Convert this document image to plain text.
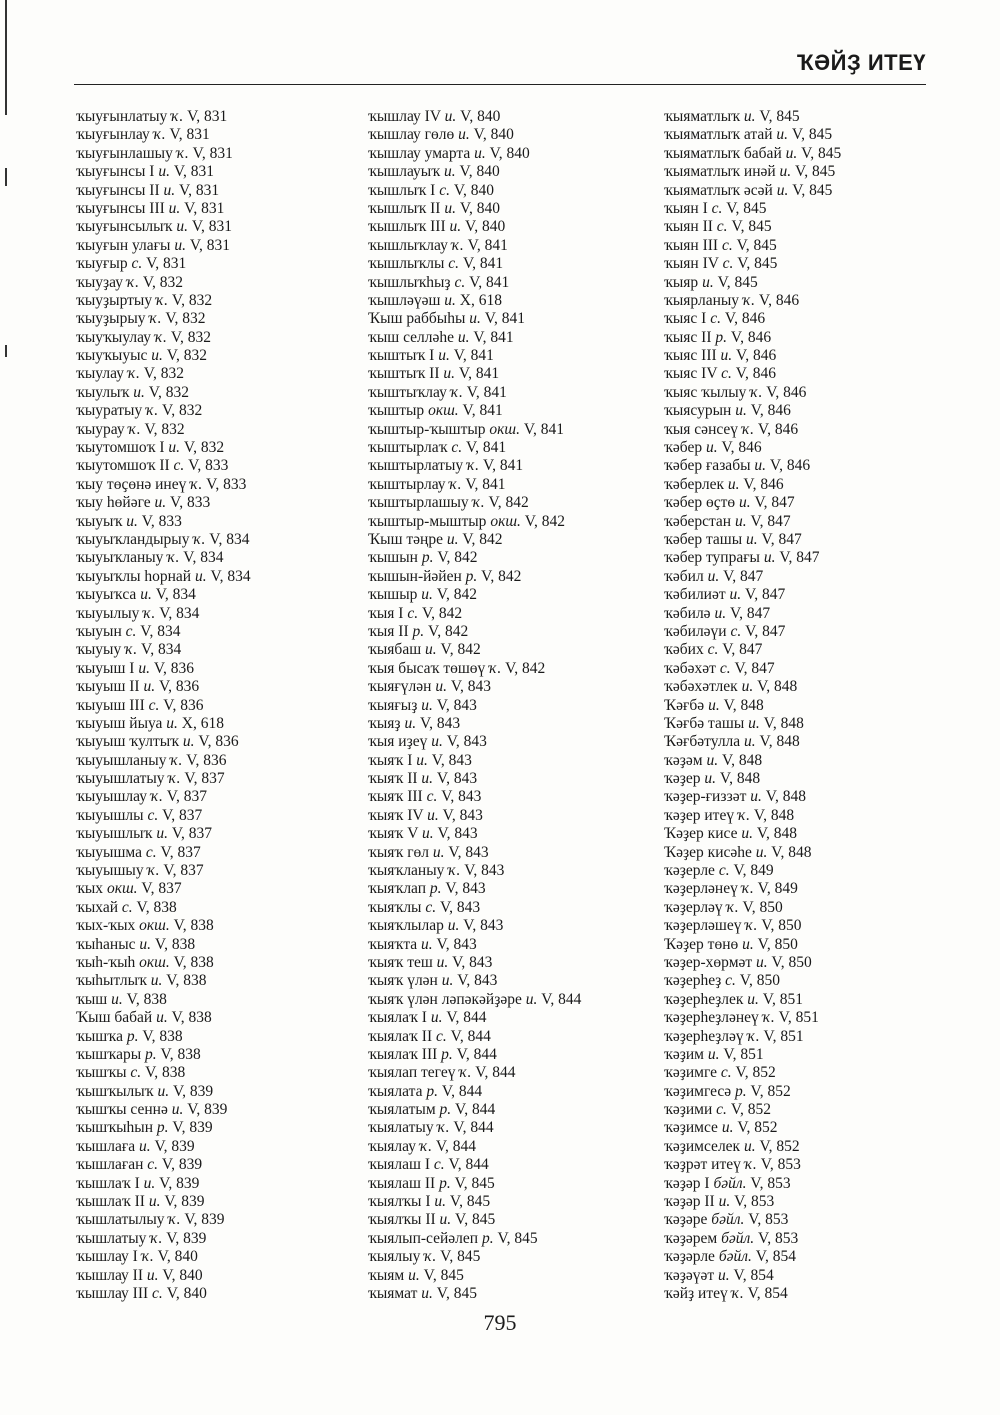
ҠӘЙҘ ИТЕҮ
ҡыуғынлатыу ҡ. V, 831
ҡыуғынлау ҡ. V, 831
ҡыуғынлашыу ҡ. V, 831
ҡыуғынсы I и. V, 831
ҡыуғынсы II и. V, 831
ҡыуғынсы III и. V, 831
ҡыуғынсылыҡ и. V, 831
ҡыуғын улағы и. V, 831
ҡыуғыр с. V, 831
ҡыуҙау ҡ. V, 832
ҡыуҙыртыу ҡ. V, 832
ҡыуҙырыу ҡ. V, 832
ҡыуҡыулау ҡ. V, 832
ҡыуҡыуыс и. V, 832
ҡыулау ҡ. V, 832
ҡыулыҡ и. V, 832
ҡыуратыу ҡ. V, 832
ҡыурау ҡ. V, 832
ҡыутомшоҡ I и. V, 832
ҡыутомшоҡ II с. V, 833
ҡыу төҫөнә инеү ҡ. V, 833
ҡыу һөйәге и. V, 833
ҡыуыҡ и. V, 833
ҡыуыҡландырыу ҡ. V, 834
ҡыуыҡланыу ҡ. V, 834
ҡыуыҡлы һорнай и. V, 834
ҡыуыҡса и. V, 834
ҡыуылыу ҡ. V, 834
ҡыуын с. V, 834
ҡыуыу ҡ. V, 834
ҡыуыш I и. V, 836
ҡыуыш II и. V, 836
ҡыуыш III с. V, 836
ҡыуыш йыуа и. X, 618
ҡыуыш ҡултыҡ и. V, 836
ҡыуышланыу ҡ. V, 836
ҡыуышлатыу ҡ. V, 837
ҡыуышлау ҡ. V, 837
ҡыуышлы с. V, 837
ҡыуышлыҡ и. V, 837
ҡыуышма с. V, 837
ҡыуышыу ҡ. V, 837
ҡых окш. V, 837
ҡыхай с. V, 838
ҡых-ҡых окш. V, 838
ҡыһаныс и. V, 838
ҡыһ-ҡыһ окш. V, 838
ҡыһытлыҡ и. V, 838
ҡыш и. V, 838
Ҡыш бабай и. V, 838
ҡышҡа р. V, 838
ҡышҡары р. V, 838
ҡышҡы с. V, 838
ҡышҡылыҡ и. V, 839
ҡышҡы сеннә и. V, 839
ҡышҡыһын р. V, 839
ҡышлаға и. V, 839
ҡышлаған с. V, 839
ҡышлаҡ I и. V, 839
ҡышлаҡ II и. V, 839
ҡышлатылыу ҡ. V, 839
ҡышлатыу ҡ. V, 839
ҡышлау I ҡ. V, 840
ҡышлау II и. V, 840
ҡышлау III с. V, 840
ҡышлау IV и. V, 840
ҡышлау гөлө и. V, 840
ҡышлау умарта и. V, 840
ҡышлауыҡ и. V, 840
ҡышлыҡ I с. V, 840
ҡышлыҡ II и. V, 840
ҡышлыҡ III и. V, 840
ҡышлыҡлау ҡ. V, 841
ҡышлыҡлы с. V, 841
ҡышлыҡһыҙ с. V, 841
ҡышләүәш и. X, 618
Ҡыш раббыһы и. V, 841
ҡыш селләһе и. V, 841
ҡыштыҡ I и. V, 841
ҡыштыҡ II и. V, 841
ҡыштыҡлау ҡ. V, 841
ҡыштыр окш. V, 841
ҡыштыр-ҡыштыр окш. V, 841
ҡыштырлаҡ с. V, 841
ҡыштырлатыу ҡ. V, 841
ҡыштырлау ҡ. V, 841
ҡыштырлашыу ҡ. V, 842
ҡыштыр-мыштыр окш. V, 842
Ҡыш тәңре и. V, 842
ҡышын р. V, 842
ҡышын-йәйен р. V, 842
ҡышыр и. V, 842
ҡыя I с. V, 842
ҡыя II р. V, 842
ҡыябаш и. V, 842
ҡыя бысаҡ төшөү ҡ. V, 842
ҡыяғүлән и. V, 843
ҡыяғыҙ и. V, 843
ҡыяҙ и. V, 843
ҡыя иҙеү и. V, 843
ҡыяҡ I и. V, 843
ҡыяҡ II и. V, 843
ҡыяҡ III с. V, 843
ҡыяҡ IV и. V, 843
ҡыяҡ V и. V, 843
ҡыяҡ гөл и. V, 843
ҡыяҡланыу ҡ. V, 843
ҡыяҡлап р. V, 843
ҡыяҡлы с. V, 843
ҡыяҡлылар и. V, 843
ҡыяҡта и. V, 843
ҡыяҡ теш и. V, 843
ҡыяҡ үлән и. V, 843
ҡыяҡ үлән ләпәкәйҙәре и. V, 844
ҡыялаҡ I и. V, 844
ҡыялаҡ II с. V, 844
ҡыялаҡ III р. V, 844
ҡыялап тегеү ҡ. V, 844
ҡыялата р. V, 844
ҡыялатым р. V, 844
ҡыялатыу ҡ. V, 844
ҡыялау ҡ. V, 844
ҡыялаш I с. V, 844
ҡыялаш II р. V, 845
ҡыялҡы I и. V, 845
ҡыялҡы II и. V, 845
ҡыялып-сейәлеп р. V, 845
ҡыялыу ҡ. V, 845
ҡыям и. V, 845
ҡыямат и. V, 845
ҡыяматлыҡ и. V, 845
ҡыяматлыҡ атай и. V, 845
ҡыяматлыҡ бабай и. V, 845
ҡыяматлыҡ инәй и. V, 845
ҡыяматлыҡ әсәй и. V, 845
ҡыян I с. V, 845
ҡыян II с. V, 845
ҡыян III с. V, 845
ҡыян IV с. V, 845
ҡыяр и. V, 845
ҡыярланыу ҡ. V, 846
ҡыяс I с. V, 846
ҡыяс II р. V, 846
ҡыяс III и. V, 846
ҡыяс IV с. V, 846
ҡыяс ҡылыу ҡ. V, 846
ҡыясурын и. V, 846
ҡыя сәнсеү ҡ. V, 846
ҡәбер и. V, 846
ҡәбер ғазабы и. V, 846
ҡәберлек и. V, 846
ҡәбер өҫтө и. V, 847
ҡәберстан и. V, 847
ҡәбер ташы и. V, 847
ҡәбер тупрағы и. V, 847
ҡәбил и. V, 847
ҡәбилиәт и. V, 847
ҡәбилә и. V, 847
ҡәбиләүи с. V, 847
ҡәбих с. V, 847
ҡәбәхәт с. V, 847
ҡәбәхәтлек и. V, 848
Ҡәғбә и. V, 848
Ҡәғбә ташы и. V, 848
Ҡәғбәтулла и. V, 848
ҡәҙәм и. V, 848
ҡәҙер и. V, 848
ҡәҙер-ғиззәт и. V, 848
ҡәҙер итеү ҡ. V, 848
Ҡәҙер кисе и. V, 848
Ҡәҙер кисәһе и. V, 848
ҡәҙерле с. V, 849
ҡәҙерләнеү ҡ. V, 849
ҡәҙерләү ҡ. V, 850
ҡәҙерләшеү ҡ. V, 850
Ҡәҙер төнө и. V, 850
ҡәҙер-хөрмәт и. V, 850
ҡәҙерһеҙ с. V, 850
ҡәҙерһеҙлек и. V, 851
ҡәҙерһеҙләнеү ҡ. V, 851
ҡәҙерһеҙләү ҡ. V, 851
ҡәҙим и. V, 851
ҡәҙимге с. V, 852
ҡәҙимгесә р. V, 852
ҡәҙими с. V, 852
ҡәҙимсе и. V, 852
ҡәҙимселек и. V, 852
ҡәҙрәт итеү ҡ. V, 853
ҡәҙәр I бәйл. V, 853
ҡәҙәр II и. V, 853
ҡәҙәре бәйл. V, 853
ҡәҙәрем бәйл. V, 853
ҡәҙәрле бәйл. V, 854
ҡәҙәүәт и. V, 854
ҡәйҙ итеү ҡ. V, 854
795
